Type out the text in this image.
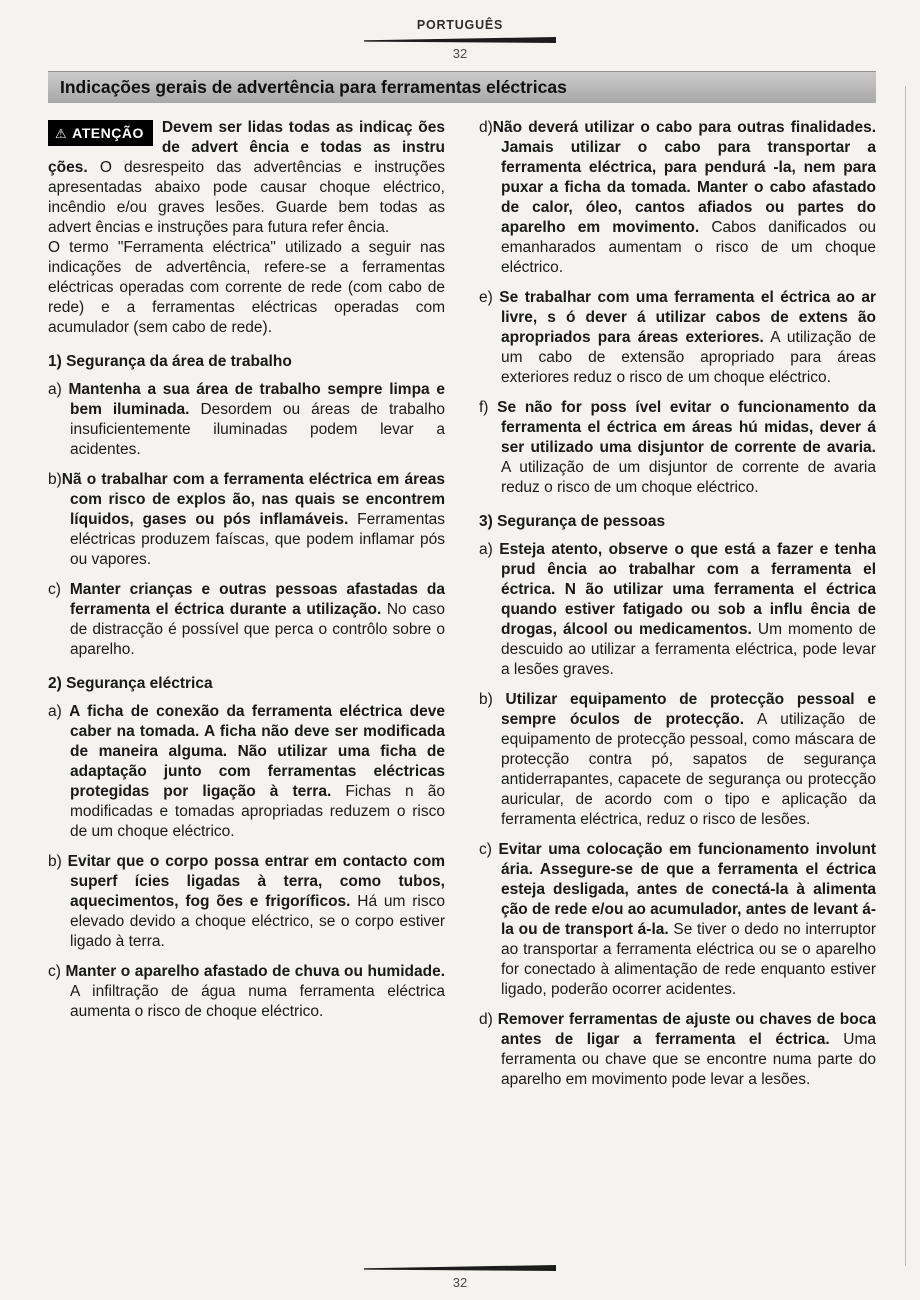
PORTUGUÊS
32
Indicações gerais de advertência para ferramentas eléctricas

⚠ ATENÇÃO Devem ser lidas todas as indicaç ões de advert ência e todas as instru ções. O desrespeito das advertências e instruções apresentadas abaixo pode causar choque eléctrico, incêndio e/ou graves lesões. Guarde bem todas as advert ências e instruções para futura refer ência.

O termo "Ferramenta eléctrica" utilizado a seguir nas indicações de advertência, refere-se a ferramentas eléctricas operadas com corrente de rede (com cabo de rede) e a ferramentas eléctricas operadas com acumulador (sem cabo de rede).

1) Segurança da área de trabalho

a) Mantenha a sua área de trabalho sempre limpa e bem iluminada. Desordem ou áreas de trabalho insuficientemente iluminadas podem levar a acidentes.

b)Nã o trabalhar com a ferramenta eléctrica em áreas com risco de explos ão, nas quais se encontrem líquidos, gases ou pós inflamáveis. Ferramentas eléctricas produzem faíscas, que podem inflamar pós ou vapores.

c) Manter crianças e outras pessoas afastadas da ferramenta el éctrica durante a utilização. No caso de distracção é possível que perca o contrôlo sobre o aparelho.

2) Segurança eléctrica

a) A ficha de conexão da ferramenta eléctrica deve caber na tomada. A ficha não deve ser modificada de maneira alguma. Não utilizar uma ficha de adaptação junto com ferramentas eléctricas protegidas por ligação à terra. Fichas n ão modificadas e tomadas apropriadas reduzem o risco de um choque eléctrico.

b) Evitar que o corpo possa entrar em contacto com superf ícies ligadas à terra, como tubos, aquecimentos, fog ões e frigoríficos. Há um risco elevado devido a choque eléctrico, se o corpo estiver ligado à terra.

c) Manter o aparelho afastado de chuva ou humidade. A infiltração de água numa ferramenta eléctrica aumenta o risco de choque eléctrico.

d)Não deverá utilizar o cabo para outras finalidades. Jamais utilizar o cabo para transportar a ferramenta eléctrica, para pendurá -la, nem para puxar a ficha da tomada. Manter o cabo afastado de calor, óleo, cantos afiados ou partes do aparelho em movimento. Cabos danificados ou emanharados aumentam o risco de um choque eléctrico.

e) Se trabalhar com uma ferramenta el éctrica ao ar livre, s ó dever á utilizar cabos de extens ão apropriados para áreas exteriores. A utilização de um cabo de extensão apropriado para áreas exteriores reduz o risco de um choque eléctrico.

f) Se não for poss ível evitar o funcionamento da ferramenta el éctrica em áreas hú midas, dever á ser utilizado uma disjuntor de corrente de avaria. A utilização de um disjuntor de corrente de avaria reduz o risco de um choque eléctrico.

3) Segurança de pessoas

a) Esteja atento, observe o que está a fazer e tenha prud ência ao trabalhar com a ferramenta el éctrica. N ão utilizar uma ferramenta el éctrica quando estiver fatigado ou sob a influ ência de drogas, álcool ou medicamentos. Um momento de descuido ao utilizar a ferramenta eléctrica, pode levar a lesões graves.

b) Utilizar equipamento de protecção pessoal e sempre óculos de protecção. A utilização de equipamento de protecção pessoal, como máscara de protecção contra pó, sapatos de segurança antiderrapantes, capacete de segurança ou protecção auricular, de acordo com o tipo e aplicação da ferramenta eléctrica, reduz o risco de lesões.

c) Evitar uma colocação em funcionamento involunt ária. Assegure-se de que a ferramenta el éctrica esteja desligada, antes de conectá-la à alimenta ção de rede e/ou ao acumulador, antes de levant á-la ou de transport á-la. Se tiver o dedo no interruptor ao transportar a ferramenta eléctrica ou se o aparelho for conectado à alimentação de rede enquanto estiver ligado, poderão ocorrer acidentes.

d) Remover ferramentas de ajuste ou chaves de boca antes de ligar a ferramenta el éctrica. Uma ferramenta ou chave que se encontre numa parte do aparelho em movimento pode levar a lesões.

32
